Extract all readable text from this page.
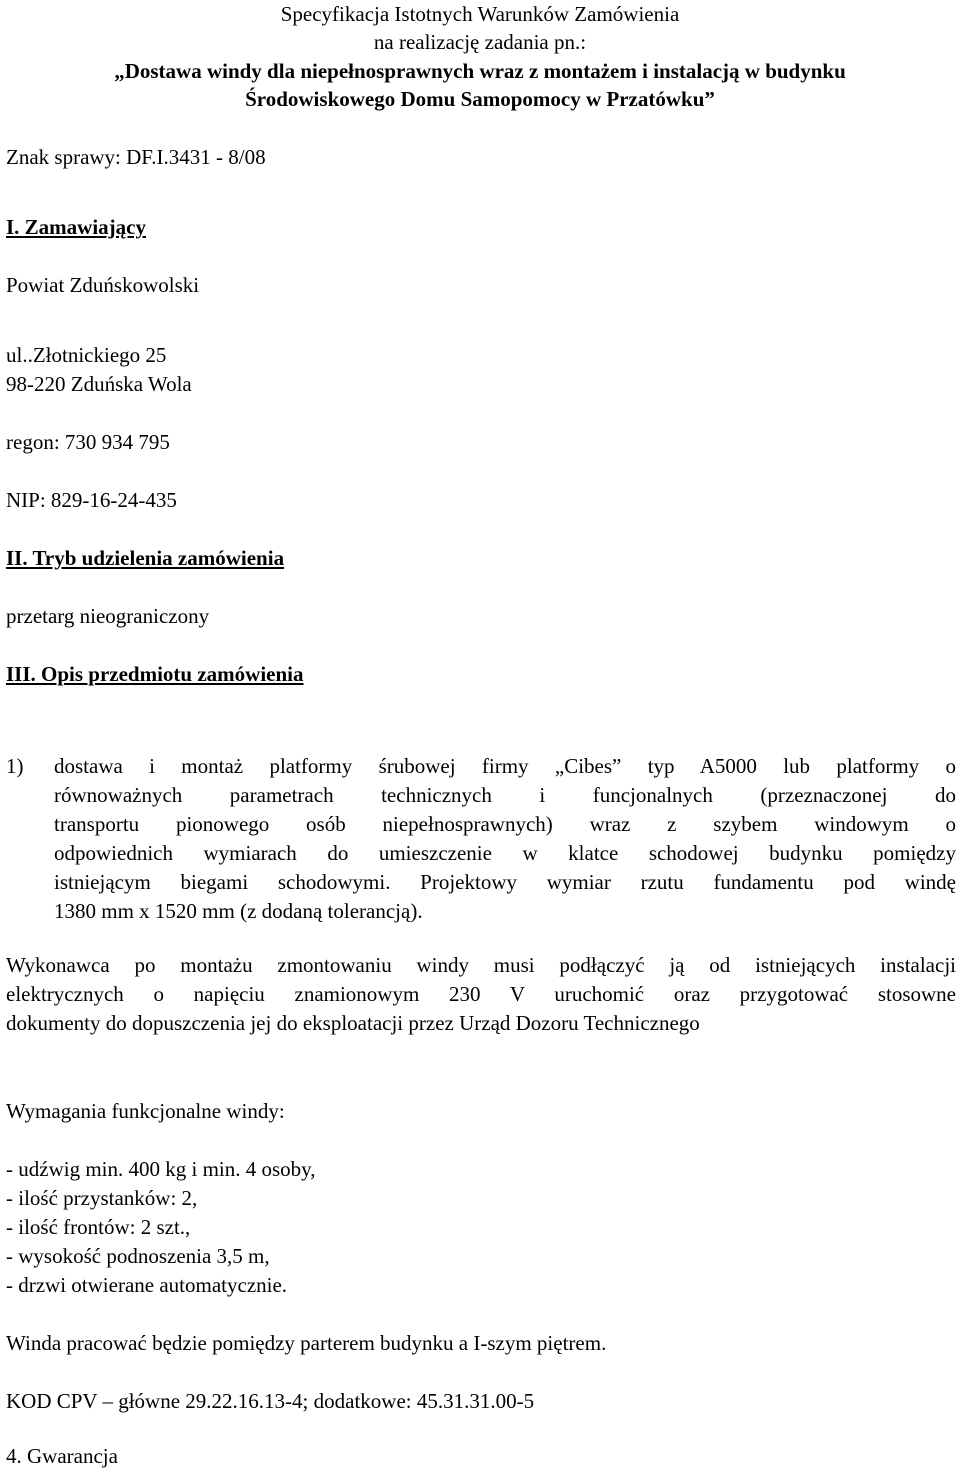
Specyfikacja Istotnych Warunków Zamówienia
na realizację zadania pn.:
„Dostawa windy dla niepełnosprawnych wraz z montażem i instalacją w budynku
Środowiskowego Domu Samopomocy w Przatówku”
Znak sprawy: DF.I.3431 - 8/08
I. Zamawiający
Powiat Zduńskowolski
ul..Złotnickiego 25
98-220 Zduńska Wola
regon: 730 934 795
NIP: 829-16-24-435
II. Tryb udzielenia zamówienia
przetarg nieograniczony
III. Opis przedmiotu zamówienia
1) dostawa i montaż platformy śrubowej firmy „Cibes” typ A5000 lub platformy o
równoważnych parametrach technicznych i funcjonalnych (przeznaczonej do
transportu pionowego osób niepełnosprawnych) wraz z szybem windowym o
odpowiednich wymiarach do umieszczenie w klatce schodowej budynku pomiędzy
istniejącym biegami schodowymi. Projektowy wymiar rzutu fundamentu pod windę
1380 mm x 1520 mm (z dodaną tolerancją).
Wykonawca po montażu zmontowaniu windy musi podłączyć ją od istniejących instalacji
elektrycznych o napięciu znamionowym 230 V uruchomić oraz przygotować stosowne
dokumenty do dopuszczenia jej do eksploatacji przez Urząd Dozoru Technicznego
Wymagania funkcjonalne windy:
- udźwig min. 400 kg i min. 4 osoby,
- ilość przystanków: 2,
- ilość frontów: 2 szt.,
- wysokość podnoszenia 3,5 m,
- drzwi otwierane automatycznie.
Winda pracować będzie pomiędzy parterem budynku a I-szym piętrem.
KOD CPV – główne 29.22.16.13-4; dodatkowe: 45.31.31.00-5
4. Gwarancja
